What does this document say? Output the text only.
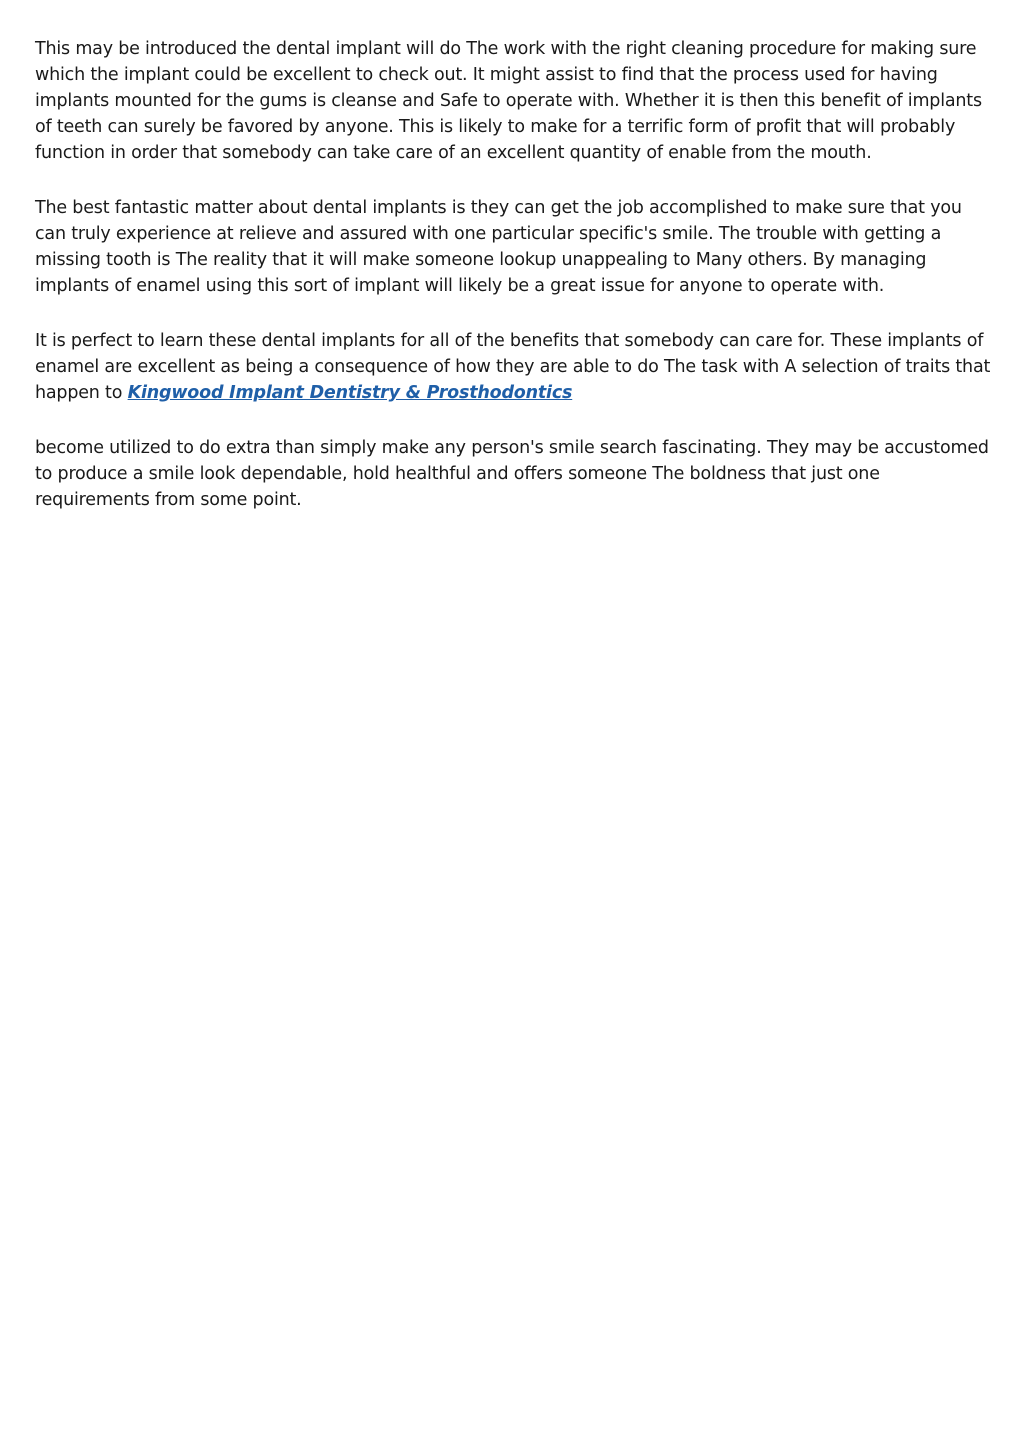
This may be introduced the dental implant will do The work with the right cleaning procedure for making sure which the implant could be excellent to check out. It might assist to find that the process used for having implants mounted for the gums is cleanse and Safe to operate with. Whether it is then this benefit of implants of teeth can surely be favored by anyone. This is likely to make for a terrific form of profit that will probably function in order that somebody can take care of an excellent quantity of enable from the mouth.

The best fantastic matter about dental implants is they can get the job accomplished to make sure that you can truly experience at relieve and assured with one particular specific's smile. The trouble with getting a missing tooth is The reality that it will make someone lookup unappealing to Many others. By managing implants of enamel using this sort of implant will likely be a great issue for anyone to operate with.

It is perfect to learn these dental implants for all of the benefits that somebody can care for. These implants of enamel are excellent as being a consequence of how they are able to do The task with A selection of traits that happen to Kingwood Implant Dentistry & Prosthodontics

become utilized to do extra than simply make any person's smile search fascinating. They may be accustomed to produce a smile look dependable, hold healthful and offers someone The boldness that just one requirements from some point.
